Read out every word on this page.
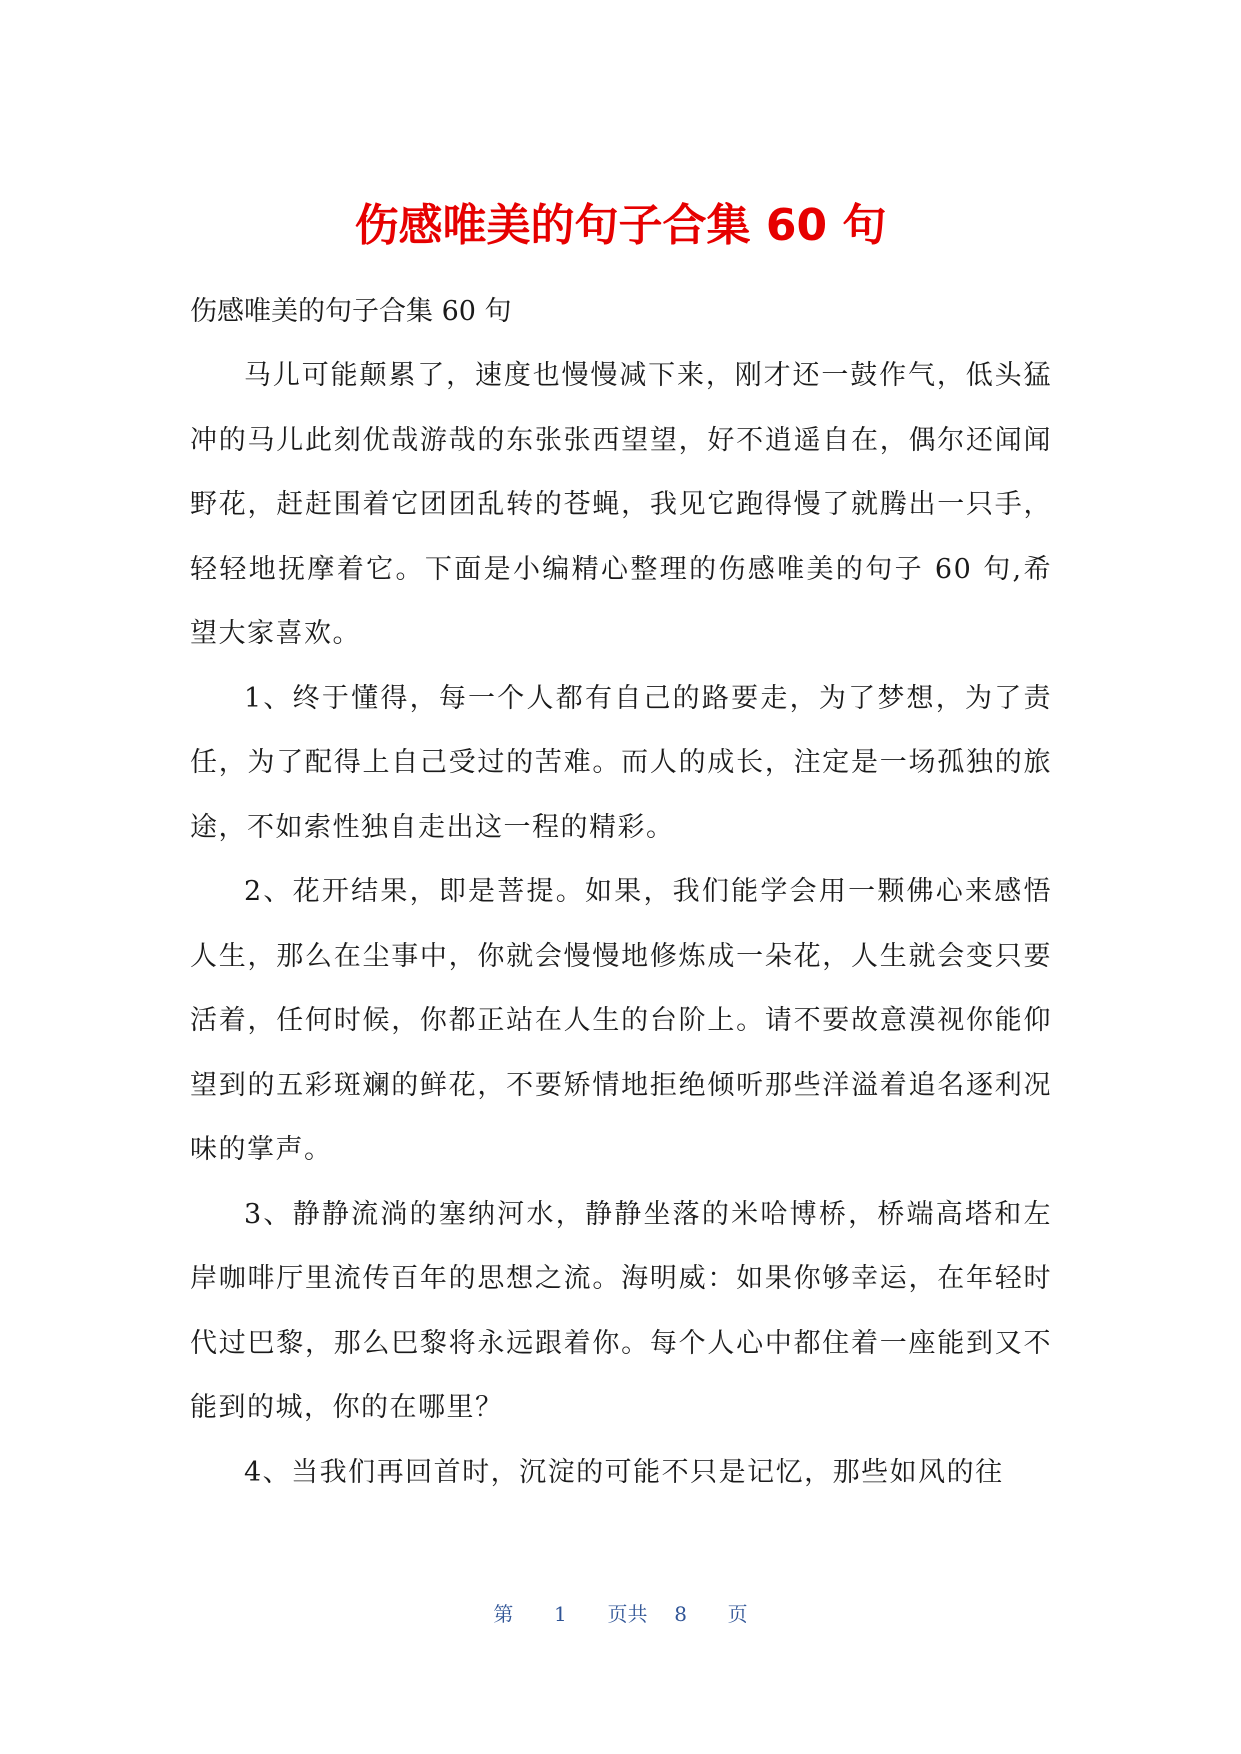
伤感唯美的句子合集 60 句

伤感唯美的句子合集 60 句

马儿可能颠累了，速度也慢慢减下来，刚才还一鼓作气，低头猛冲的马儿此刻优哉游哉的东张张西望望，好不逍遥自在，偶尔还闻闻野花，赶赶围着它团团乱转的苍蝇，我见它跑得慢了就腾出一只手，轻轻地抚摩着它。下面是小编精心整理的伤感唯美的句子 60 句,希望大家喜欢。

1、终于懂得，每一个人都有自己的路要走，为了梦想，为了责任，为了配得上自己受过的苦难。而人的成长，注定是一场孤独的旅途，不如索性独自走出这一程的精彩。

2、花开结果，即是菩提。如果，我们能学会用一颗佛心来感悟人生，那么在尘事中，你就会慢慢地修炼成一朵花，人生就会变只要活着，任何时候，你都正站在人生的台阶上。请不要故意漠视你能仰望到的五彩斑斓的鲜花，不要矫情地拒绝倾听那些洋溢着追名逐利况味的掌声。

3、静静流淌的塞纳河水，静静坐落的米哈博桥，桥端高塔和左岸咖啡厅里流传百年的思想之流。海明威：如果你够幸运，在年轻时代过巴黎，那么巴黎将永远跟着你。每个人心中都住着一座能到又不能到的城，你的在哪里？

4、当我们再回首时，沉淀的可能不只是记忆，那些如风的往

第 1 页共 8 页
